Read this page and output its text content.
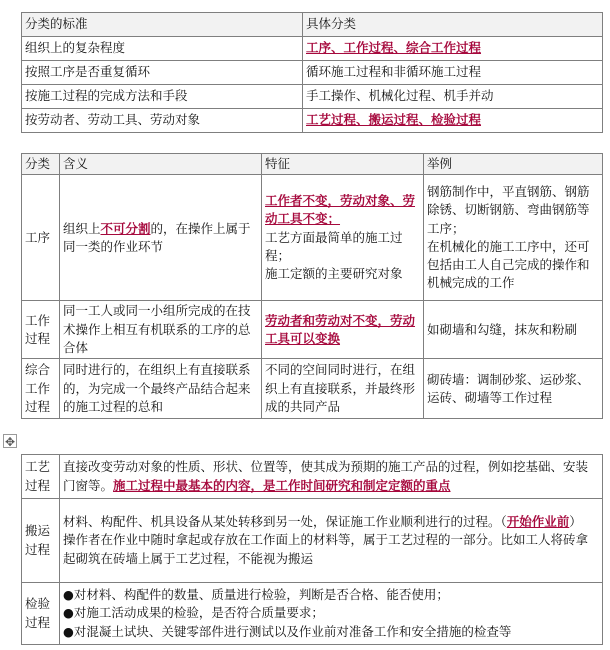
分类的标准	具体分类
组织上的复杂程度	工序、工作过程、综合工作过程
按照工序是否重复循环	循环施工过程和非循环施工过程
按施工过程的完成方法和手段	手工操作、机械化过程、机手并动
按劳动者、劳动工具、劳动对象	工艺过程、搬运过程、检验过程
分类	含义	特征	举例
工序	组织上不可分割的，在操作上属于同一类的作业环节	工作者不变，劳动对象、劳动工具不变；
工艺方面最简单的施工过程；
施工定额的主要研究对象	钢筋制作中，平直钢筋、钢筋除锈、切断钢筋、弯曲钢筋等工序；
在机械化的施工工序中，还可包括由工人自己完成的操作和机械完成的工作

工作过程	同一工人或同一小组所完成的在技术操作上相互有机联系的工序的总合体	劳动者和劳动对不变，劳动工具可以变换	如砌墙和勾缝，抹灰和粉刷
综合工作过程	同时进行的，在组织上有直接联系的，为完成一个最终产品结合起来的施工过程的总和	不同的空间同时进行，在组织上有直接联系，并最终形成的共同产品	砌砖墙：调制砂浆、运砂浆、运砖、砌墙等工作过程
✥
工艺过程	直接改变劳动对象的性质、形状、位置等，使其成为预期的施工产品的过程，例如挖基础、安装门窗等。施工过程中最基本的内容，是工作时间研究和制定定额的重点
搬运过程	材料、构配件、机具设备从某处转移到另一处，保证施工作业顺利进行的过程。（开始作业前）
操作者在作业中随时拿起或存放在工作面上的材料等，属于工艺过程的一部分。比如工人将砖拿起砌筑在砖墙上属于工艺过程，不能视为搬运

检验过程	●对材料、构配件的数量、质量进行检验，判断是否合格、能否使用；
●对施工活动成果的检验，是否符合质量要求；
●对混凝土试块、关键零部件进行测试以及作业前对准备工作和安全措施的检查等
